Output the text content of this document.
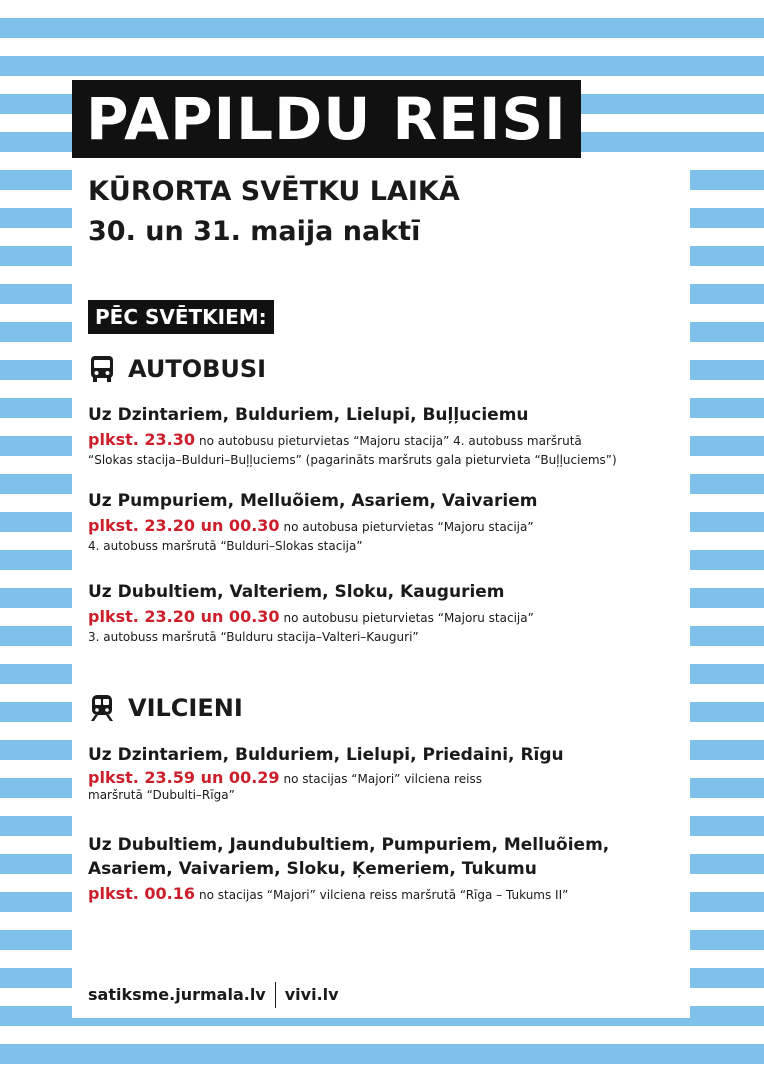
PAPILDU REISI
KŪRORTA SVĒTKU LAIKĀ
30. un 31. maija naktī
PĒC SVĒTKIEM:
AUTOBUSI
Uz Dzintariem, Bulduriem, Lielupi, Buļļuciemu
plkst. 23.30 no autobusu pieturvietas “Majoru stacija” 4. autobuss maršrutā
“Slokas stacija–Bulduri–Buļļuciems” (pagarināts maršruts gala pieturvieta “Buļļuciems”)
Uz Pumpuriem, Melluõiem, Asariem, Vaivariem
plkst. 23.20 un 00.30 no autobusa pieturvietas “Majoru stacija”
4. autobuss maršrutā “Bulduri–Slokas stacija”
Uz Dubultiem, Valteriem, Sloku, Kauguriem
plkst. 23.20 un 00.30 no autobusu pieturvietas “Majoru stacija”
3. autobuss maršrutā “Bulduru stacija–Valteri–Kauguri”
VILCIENI
Uz Dzintariem, Bulduriem, Lielupi, Priedaini, Rīgu
plkst. 23.59 un 00.29 no stacijas “Majori” vilciena reiss
maršrutā “Dubulti–Rīga”
Uz Dubultiem, Jaundubultiem, Pumpuriem, Melluõiem,
Asariem, Vaivariem, Sloku, Ķemeriem, Tukumu
plkst. 00.16 no stacijas “Majori” vilciena reiss maršrutā “Rīga – Tukums II”
satiksme.jurmala.lv vivi.lv
